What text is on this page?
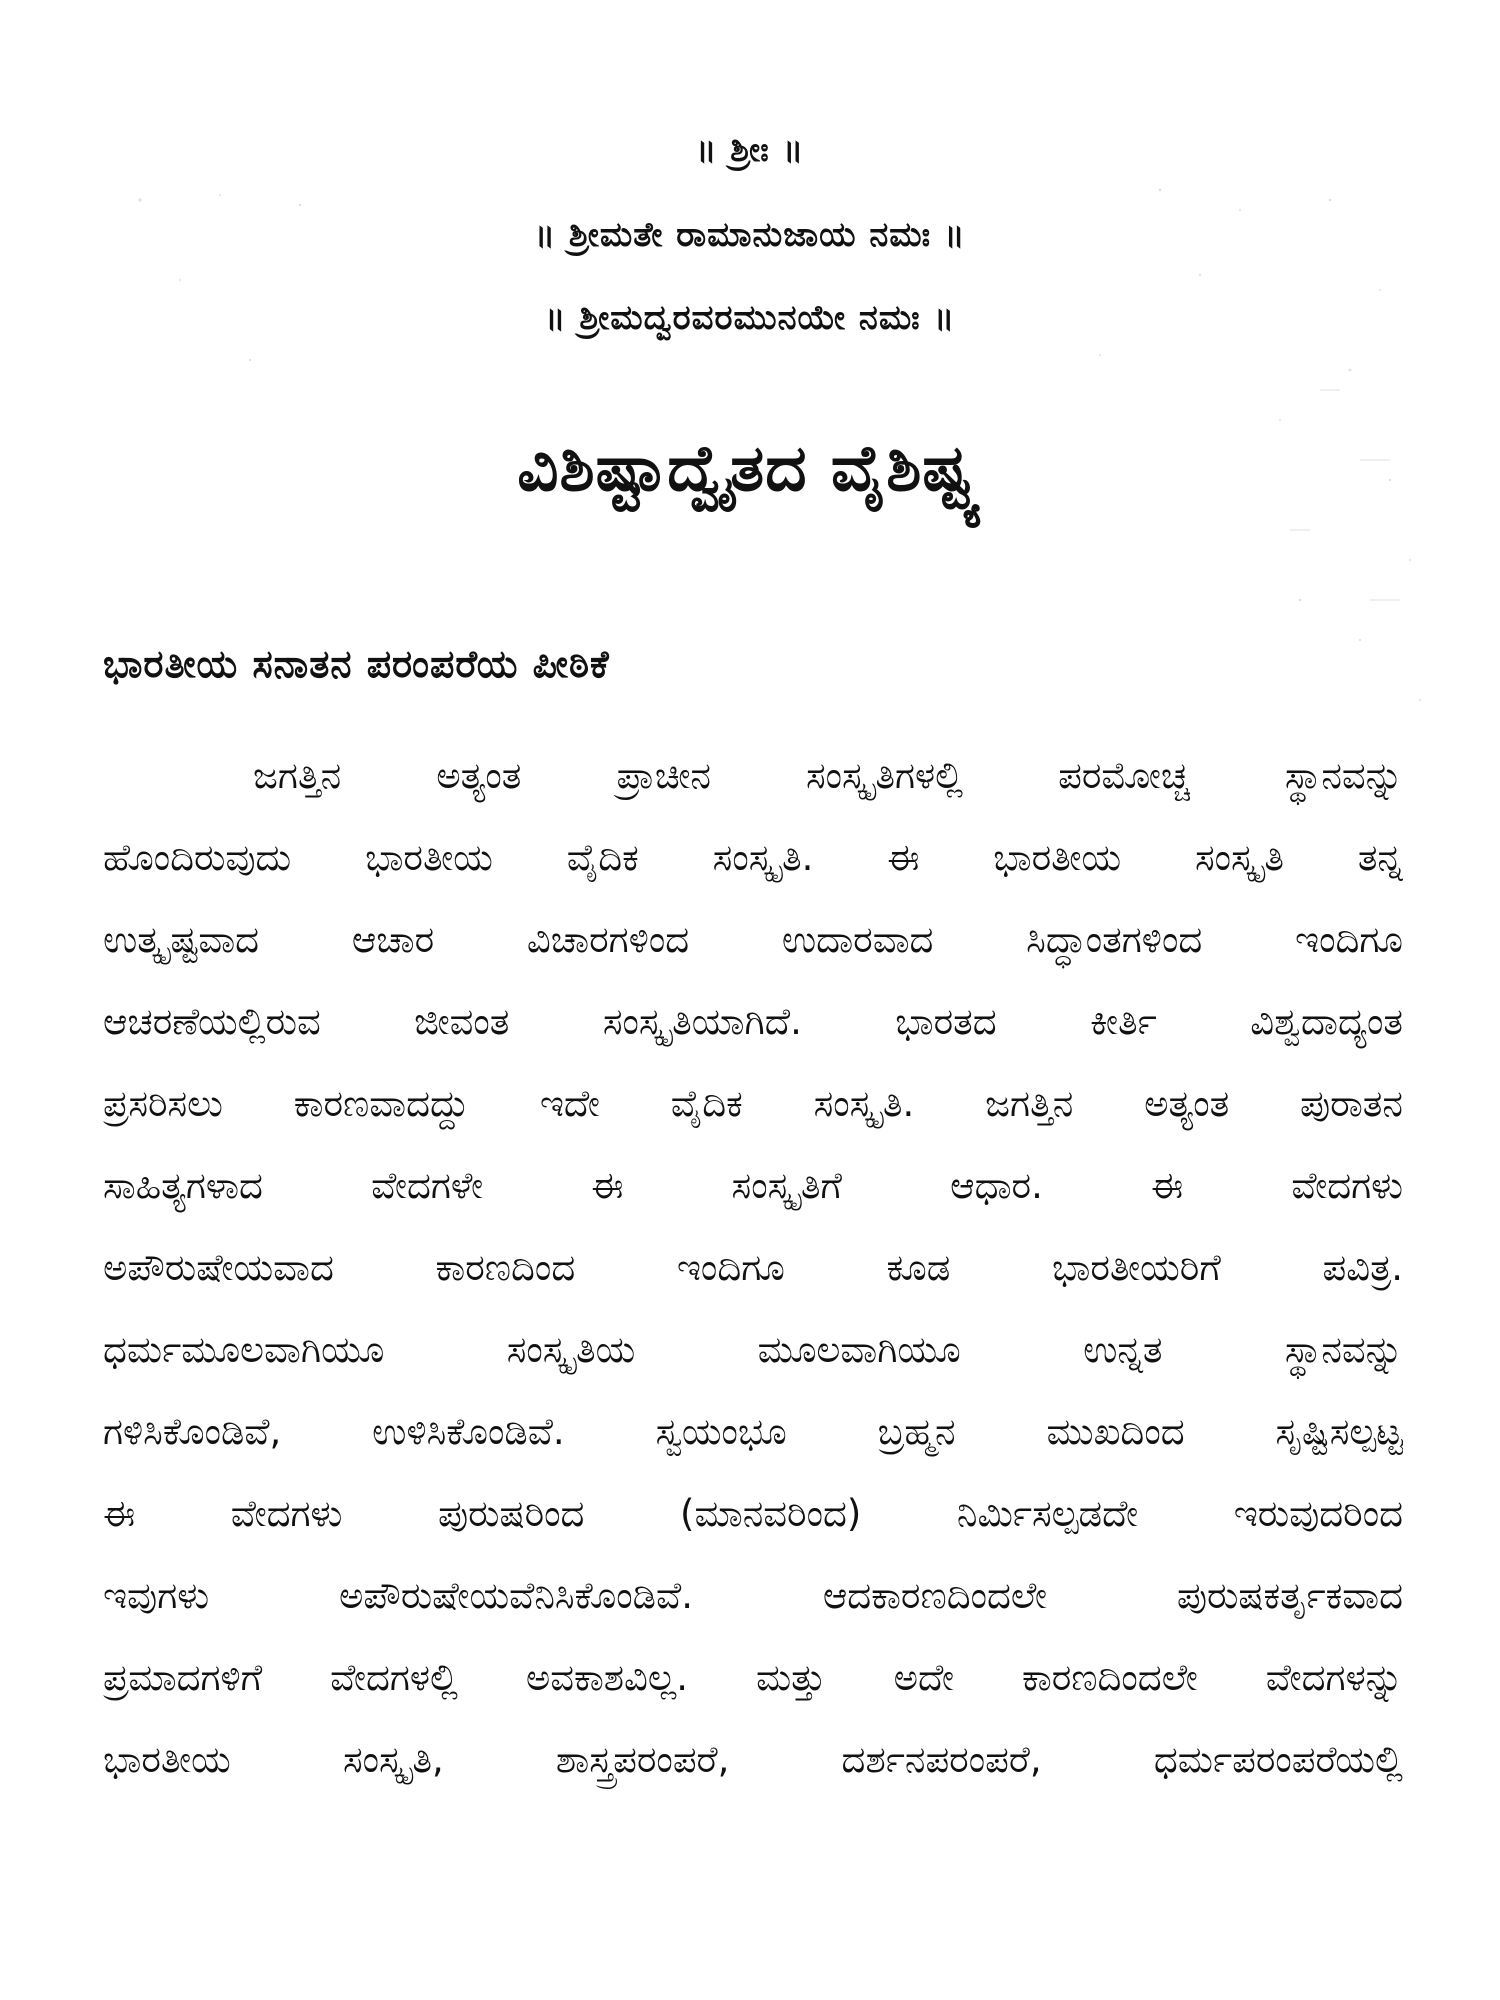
॥ ಶ್ರೀಃ ॥
॥ ಶ್ರೀಮತೇ ರಾಮಾನುಜಾಯ ನಮಃ ॥
॥ ಶ್ರೀಮದ್ವರವರಮುನಯೇ ನಮಃ ॥
ವಿಶಿಷ್ಟಾದ್ವೈತದ ವೈಶಿಷ್ಟ್ಯ
ಭಾರತೀಯ ಸನಾತನ ಪರಂಪರೆಯ ಪೀಠಿಕೆ
ಜಗತ್ತಿನ ಅತ್ಯಂತ ಪ್ರಾಚೀನ ಸಂಸ್ಕೃತಿಗಳಲ್ಲಿ ಪರಮೋಚ್ಚ ಸ್ಥಾನವನ್ನು
ಹೊಂದಿರುವುದು ಭಾರತೀಯ ವೈದಿಕ ಸಂಸ್ಕೃತಿ. ಈ ಭಾರತೀಯ ಸಂಸ್ಕೃತಿ ತನ್ನ
ಉತ್ಕೃಷ್ಟವಾದ ಆಚಾರ ವಿಚಾರಗಳಿಂದ ಉದಾರವಾದ ಸಿದ್ಧಾಂತಗಳಿಂದ ಇಂದಿಗೂ
ಆಚರಣೆಯಲ್ಲಿರುವ ಜೀವಂತ ಸಂಸ್ಕೃತಿಯಾಗಿದೆ. ಭಾರತದ ಕೀರ್ತಿ ವಿಶ್ವದಾದ್ಯಂತ
ಪ್ರಸರಿಸಲು ಕಾರಣವಾದದ್ದು ಇದೇ ವೈದಿಕ ಸಂಸ್ಕೃತಿ. ಜಗತ್ತಿನ ಅತ್ಯಂತ ಪುರಾತನ
ಸಾಹಿತ್ಯಗಳಾದ ವೇದಗಳೇ ಈ ಸಂಸ್ಕೃತಿಗೆ ಆಧಾರ. ಈ ವೇದಗಳು
ಅಪೌರುಷೇಯವಾದ ಕಾರಣದಿಂದ ಇಂದಿಗೂ ಕೂಡ ಭಾರತೀಯರಿಗೆ ಪವಿತ್ರ.
ಧರ್ಮಮೂಲವಾಗಿಯೂ ಸಂಸ್ಕೃತಿಯ ಮೂಲವಾಗಿಯೂ ಉನ್ನತ ಸ್ಥಾನವನ್ನು
ಗಳಿಸಿಕೊಂಡಿವೆ, ಉಳಿಸಿಕೊಂಡಿವೆ. ಸ್ವಯಂಭೂ ಬ್ರಹ್ಮನ ಮುಖದಿಂದ ಸೃಷ್ಟಿಸಲ್ಪಟ್ಟ
ಈ ವೇದಗಳು ಪುರುಷರಿಂದ (ಮಾನವರಿಂದ) ನಿರ್ಮಿಸಲ್ಪಡದೇ ಇರುವುದರಿಂದ
ಇವುಗಳು ಅಪೌರುಷೇಯವೆನಿಸಿಕೊಂಡಿವೆ. ಆದಕಾರಣದಿಂದಲೇ ಪುರುಷಕರ್ತೃಕವಾದ
ಪ್ರಮಾದಗಳಿಗೆ ವೇದಗಳಲ್ಲಿ ಅವಕಾಶವಿಲ್ಲ. ಮತ್ತು ಅದೇ ಕಾರಣದಿಂದಲೇ ವೇದಗಳನ್ನು
ಭಾರತೀಯ ಸಂಸ್ಕೃತಿ, ಶಾಸ್ತ್ರಪರಂಪರೆ, ದರ್ಶನಪರಂಪರೆ, ಧರ್ಮಪರಂಪರೆಯಲ್ಲಿ
